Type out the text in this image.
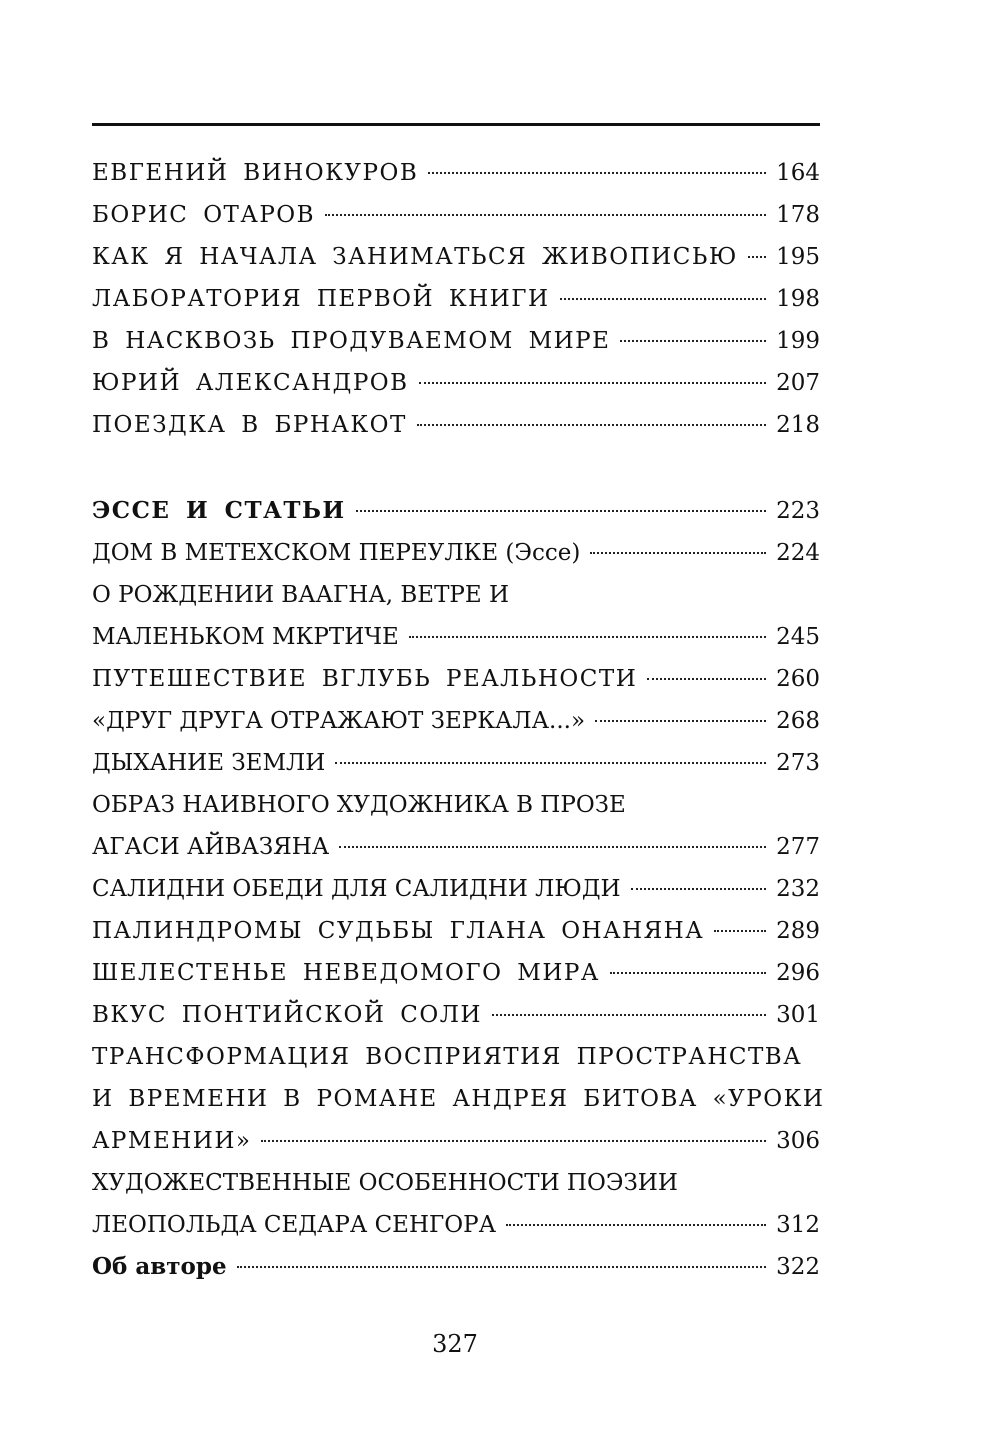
ЕВГЕНИЙ ВИНОКУРОВ	164
БОРИС ОТАРОВ	178
КАК Я НАЧАЛА ЗАНИМАТЬСЯ ЖИВОПИСЬЮ 195
ЛАБОРАТОРИЯ ПЕРВОЙ КНИГИ	198
В НАСКВОЗЬ ПРОДУВАЕМОМ МИРЕ	199
ЮРИЙ АЛЕКСАНДРОВ	207
ПОЕЗДКА В БРНАКОТ	218
ЭССЕ И СТАТЬИ	223
ДОМ В МЕТЕХСКОМ ПЕРЕУЛКЕ (Эссе)	224
О РОЖДЕНИИ ВААГНА, ВЕТРЕ И
МАЛЕНЬКОМ МКРТИЧЕ	245
ПУТЕШЕСТВИЕ ВГЛУБЬ РЕАЛЬНОСТИ	260
«ДРУГ ДРУГА ОТРАЖАЮТ ЗЕРКАЛА...»	268
ДЫХАНИЕ ЗЕМЛИ	273
ОБРАЗ НАИВНОГО ХУДОЖНИКА В ПРОЗЕ
АГАСИ АЙВАЗЯНА	277
САЛИДНИ ОБЕДИ ДЛЯ САЛИДНИ ЛЮДИ	232
ПАЛИНДРОМЫ СУДЬБЫ ГЛАНА ОНАНЯНА	289
ШЕЛЕСТЕНЬЕ НЕВЕДОМОГО МИРА	296
ВКУС ПОНТИЙСКОЙ СОЛИ	301
ТРАНСФОРМАЦИЯ ВОСПРИЯТИЯ ПРОСТРАНСТВА
И ВРЕМЕНИ В РОМАНЕ АНДРЕЯ БИТОВА «УРОКИ
АРМЕНИИ»	306
ХУДОЖЕСТВЕННЫЕ ОСОБЕННОСТИ ПОЭЗИИ
ЛЕОПОЛЬДА СЕДАРА СЕНГОРА	312
Об авторе	322
327
